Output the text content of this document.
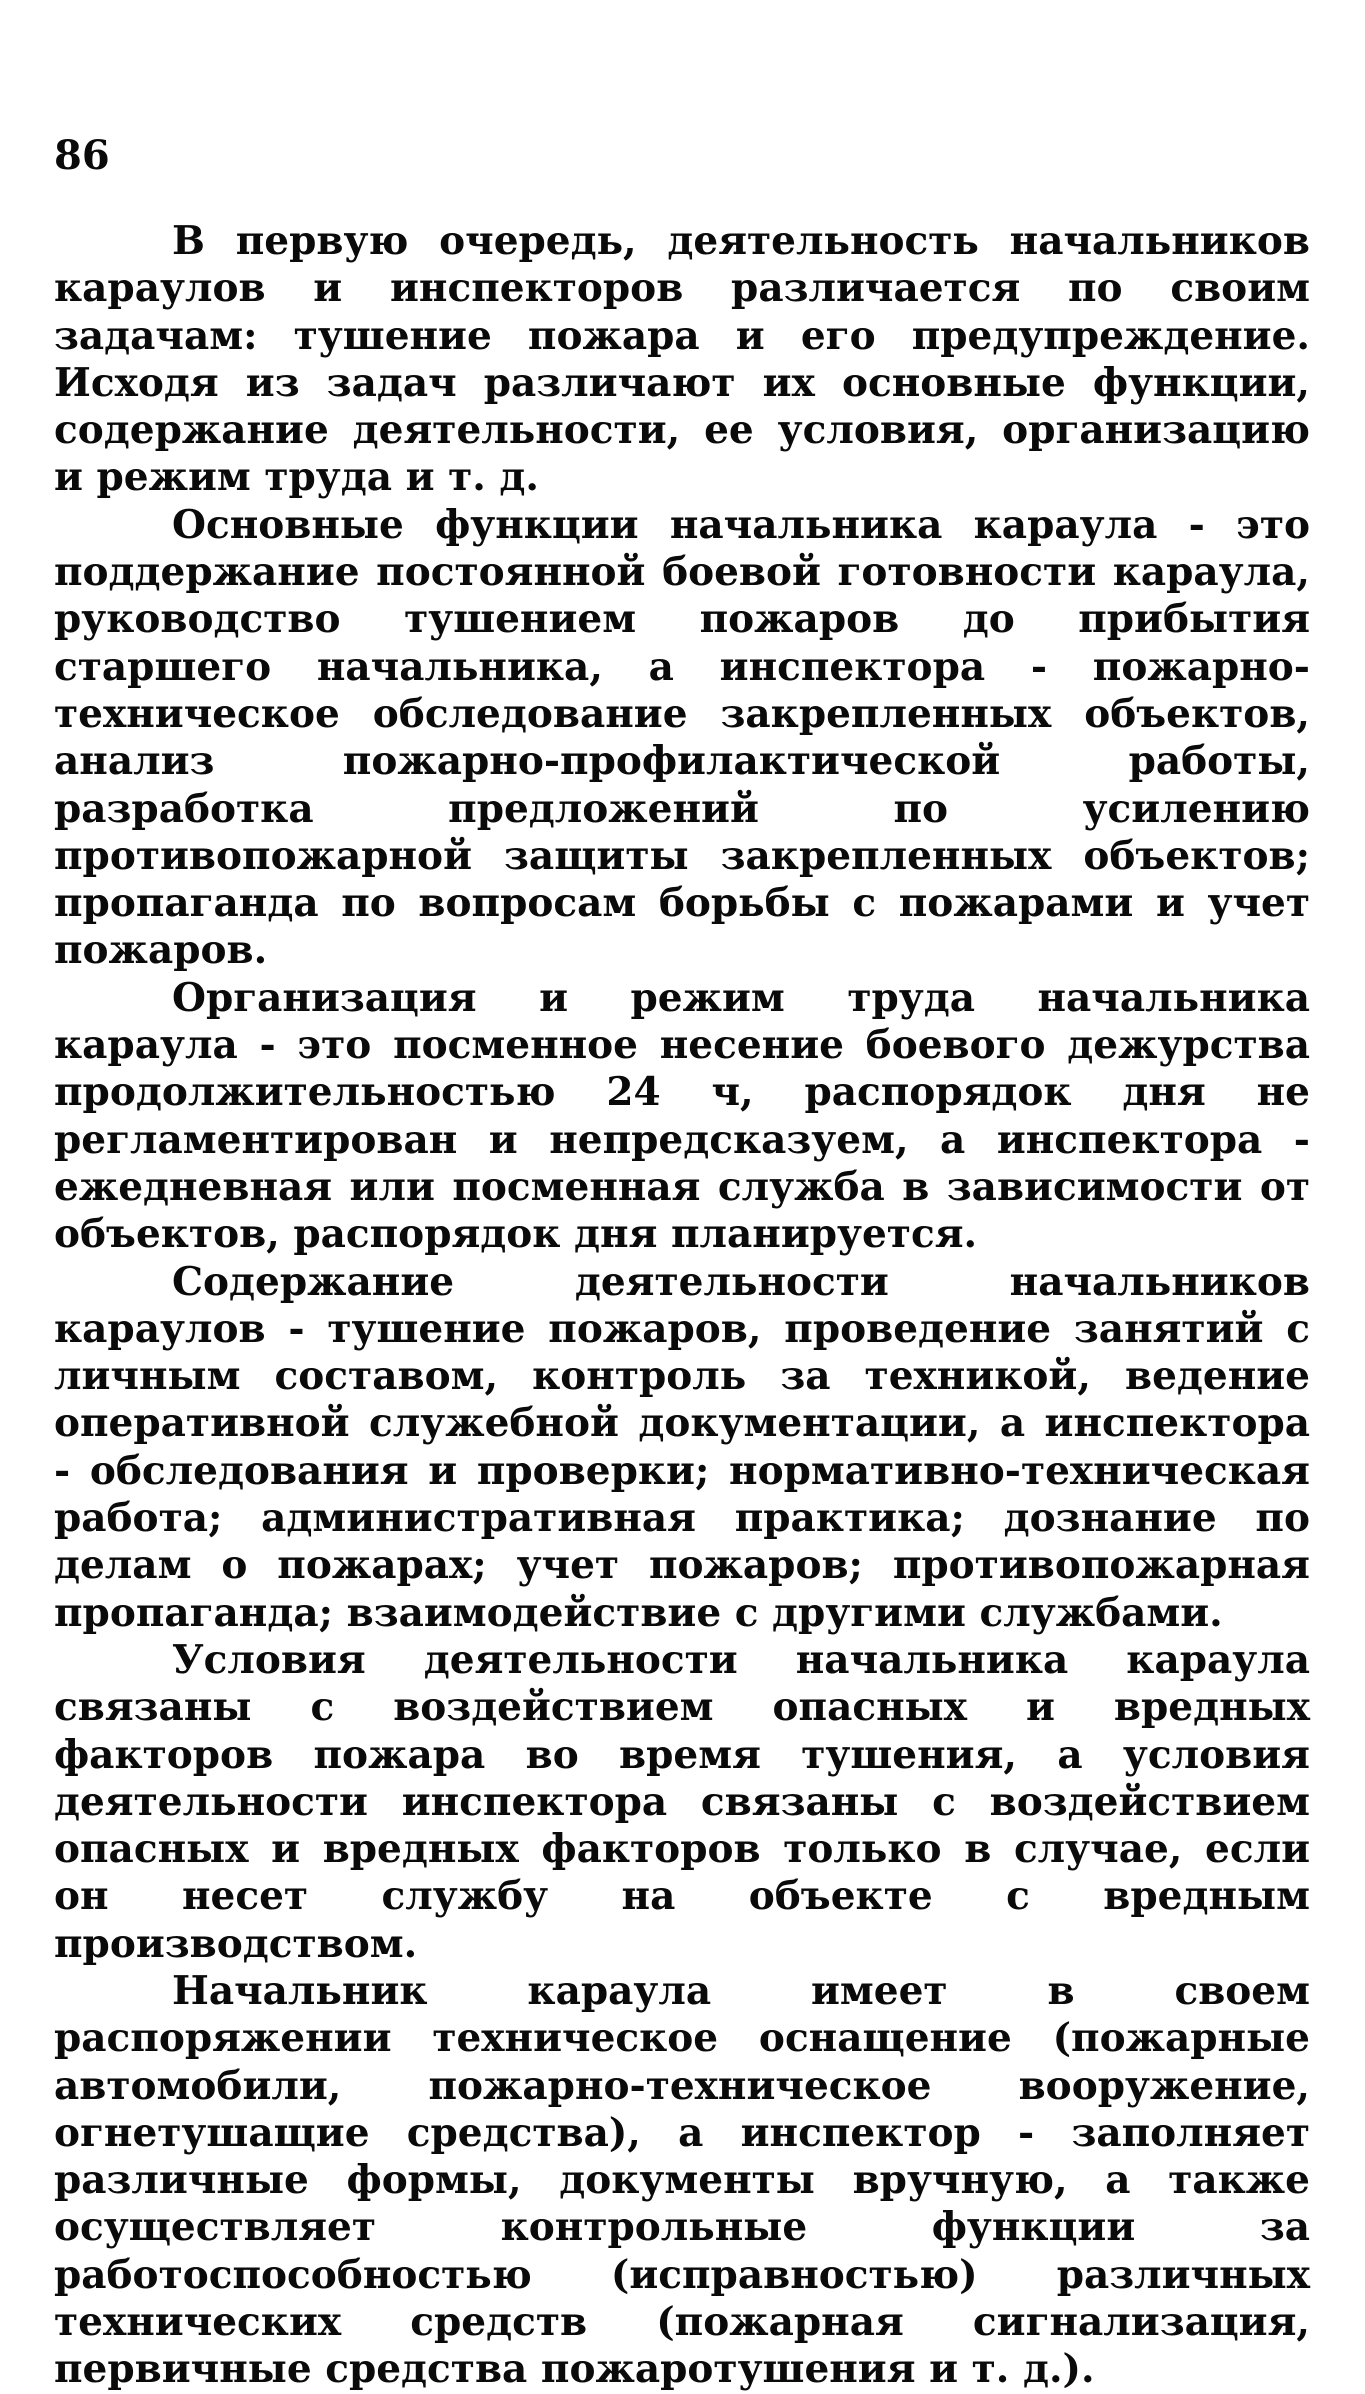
86

В первую очередь, деятельность начальников караулов и инспекторов различается по своим задачам: тушение пожара и его предупреждение. Исходя из задач различают их основные функции, содержание деятельности, ее условия, организацию и режим труда и т. д.

Основные функции начальника караула - это поддержание постоянной боевой готовности караула, руководство тушением пожаров до прибытия старшего начальника, а инспектора - пожарно-техническое обследование закрепленных объектов, анализ пожарно-профилактической работы, разработка предложений по усилению противопожарной защиты закрепленных объектов; пропаганда по вопросам борьбы с пожарами и учет пожаров.

Организация и режим труда начальника караула - это посменное несение боевого дежурства продолжительностью 24 ч, распорядок дня не регламентирован и непредсказуем, а инспектора - ежедневная или посменная служба в зависимости от объектов, распорядок дня планируется.

Содержание деятельности начальников караулов - тушение пожаров, проведение занятий с личным составом, контроль за техникой, ведение оперативной служебной документации, а инспектора - обследования и проверки; нормативно-техническая работа; административная практика; дознание по делам о пожарах; учет пожаров; противопожарная пропаганда; взаимодействие с другими службами.

Условия деятельности начальника караула связаны с воздействием опасных и вредных факторов пожара во время тушения, а условия деятельности инспектора связаны с воздействием опасных и вредных факторов только в случае, если он несет службу на объекте с вредным производством.

Начальник караула имеет в своем распоряжении техническое оснащение (пожарные автомобили, пожарно-техническое вооружение, огнетушащие средства), а инспектор - заполняет различные формы, документы вручную, а также осуществляет контрольные функции за работоспособностью (исправностью) различных технических средств (пожарная сигнализация, первичные средства пожаротушения и т. д.).
